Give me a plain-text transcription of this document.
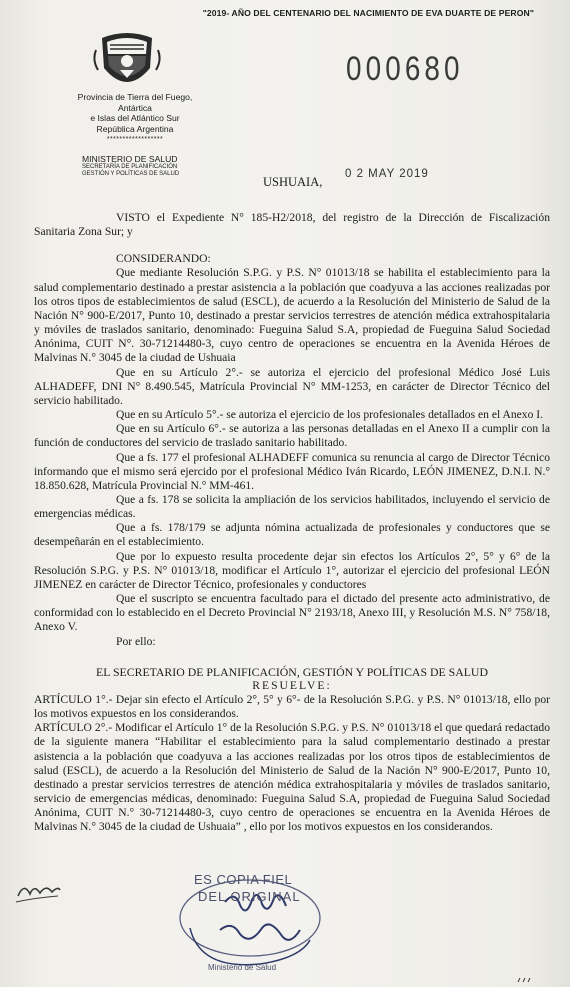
"2019- AÑO DEL CENTENARIO DEL NACIMIENTO DE EVA DUARTE DE PERON"
Provincia de Tierra del Fuego,
Antártica
e Islas del Atlántico Sur
República Argentina
******************
MINISTERIO DE SALUD
SECRETARÍA DE PLANIFICACIÓN
GESTIÓN Y POLÍTICAS DE SALUD
000680
USHUAIA,
0 2 MAY 2019

VISTO el Expediente N° 185-H2/2018, del registro de la Dirección de Fiscalización Sanitaria Zona Sur; y

CONSIDERANDO:

Que mediante Resolución S.P.G. y P.S. N° 01013/18 se habilita el establecimiento para la salud complementario destinado a prestar asistencia a la población que coadyuva a las acciones realizadas por los otros tipos de establecimientos de salud (ESCL), de acuerdo a la Resolución del Ministerio de Salud de la Nación N° 900-E/2017, Punto 10, destinado a prestar servicios terrestres de atención médica extrahospitalaria y móviles de traslados sanitario, denominado: Fueguina Salud S.A, propiedad de Fueguina Salud Sociedad Anónima, CUIT N°. 30-71214480-3, cuyo centro de operaciones se encuentra en la Avenida Héroes de Malvinas N.° 3045 de la ciudad de Ushuaia

Que en su Artículo 2°.- se autoriza el ejercicio del profesional Médico José Luis ALHADEFF, DNI N° 8.490.545, Matrícula Provincial N° MM-1253, en carácter de Director Técnico del servicio habilitado.

Que en su Artículo 5°.- se autoriza el ejercicio de los profesionales detallados en el Anexo I.

Que en su Artículo 6°.- se autoriza a las personas detalladas en el Anexo II a cumplir con la función de conductores del servicio de traslado sanitario habilitado.

Que a fs. 177 el profesional ALHADEFF comunica su renuncia al cargo de Director Técnico informando que el mismo será ejercido por el profesional Médico Iván Ricardo, LEÓN JIMENEZ, D.N.I. N.° 18.850.628, Matrícula Provincial N.° MM-461.

Que a fs. 178 se solicita la ampliación de los servicios habilitados, incluyendo el servicio de emergencias médicas.

Que a fs. 178/179 se adjunta nómina actualizada de profesionales y conductores que se desempeñarán en el establecimiento.

Que por lo expuesto resulta procedente dejar sin efectos los Artículos 2°, 5° y 6° de la Resolución S.P.G. y P.S. N° 01013/18, modificar el Artículo 1°, autorizar el ejercicio del profesional LEÓN JIMENEZ en carácter de Director Técnico, profesionales y conductores

Que el suscripto se encuentra facultado para el dictado del presente acto administrativo, de conformidad con lo establecido en el Decreto Provincial N° 2193/18, Anexo III, y Resolución M.S. N° 758/18, Anexo V.

Por ello:

EL SECRETARIO DE PLANIFICACIÓN, GESTIÓN Y POLÍTICAS DE SALUD

RESUELVE:

ARTÍCULO 1°.- Dejar sin efecto el Artículo 2°, 5° y 6°- de la Resolución S.P.G. y P.S. N° 01013/18, ello por los motivos expuestos en los considerandos.

ARTÍCULO 2°.- Modificar el Artículo 1° de la Resolución S.P.G. y P.S. N° 01013/18 el que quedará redactado de la siguiente manera “Habilitar el establecimiento para la salud complementario destinado a prestar asistencia a la población que coadyuva a las acciones realizadas por los otros tipos de establecimientos de salud (ESCL), de acuerdo a la Resolución del Ministerio de Salud de la Nación N° 900-E/2017, Punto 10, destinado a prestar servicios terrestres de atención médica extrahospitalaria y móviles de traslados sanitario, servicio de emergencias médicas, denominado: Fueguina Salud S.A, propiedad de Fueguina Salud Sociedad Anónima, CUIT N.° 30-71214480-3, cuyo centro de operaciones se encuentra en la Avenida Héroes de Malvinas N.° 3045 de la ciudad de Ushuaia” , ello por los motivos expuestos en los considerandos.

ES COPIA FIEL
DEL ORIGINAL
Ministerio de Salud
